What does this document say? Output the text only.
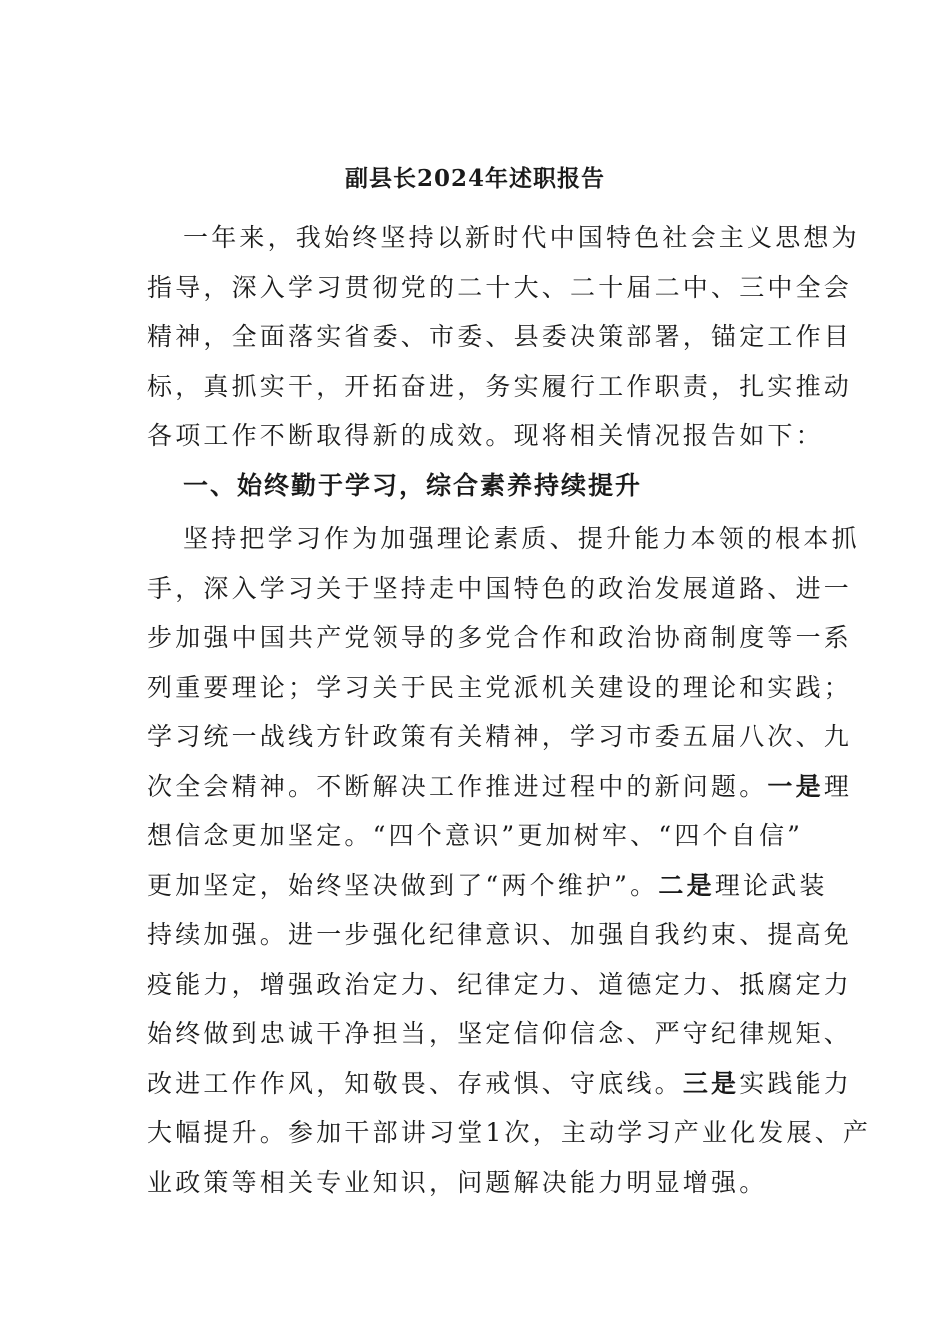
副县长2024年述职报告
一年来，我始终坚持以新时代中国特色社会主义思想为
指导，深入学习贯彻党的二十大、二十届二中、三中全会
精神，全面落实省委、市委、县委决策部署，锚定工作目
标，真抓实干，开拓奋进，务实履行工作职责，扎实推动
各项工作不断取得新的成效。现将相关情况报告如下：
一、始终勤于学习，综合素养持续提升
坚持把学习作为加强理论素质、提升能力本领的根本抓
手，深入学习关于坚持走中国特色的政治发展道路、进一
步加强中国共产党领导的多党合作和政治协商制度等一系
列重要理论；学习关于民主党派机关建设的理论和实践；
学习统一战线方针政策有关精神，学习市委五届八次、九
次全会精神。不断解决工作推进过程中的新问题。一是理
想信念更加坚定。“四个意识”更加树牢、“四个自信”
更加坚定，始终坚决做到了“两个维护”。二是理论武装
持续加强。进一步强化纪律意识、加强自我约束、提高免
疫能力，增强政治定力、纪律定力、道德定力、抵腐定力
始终做到忠诚干净担当，坚定信仰信念、严守纪律规矩、
改进工作作风，知敬畏、存戒惧、守底线。三是实践能力
大幅提升。参加干部讲习堂1次，主动学习产业化发展、产
业政策等相关专业知识，问题解决能力明显增强。
